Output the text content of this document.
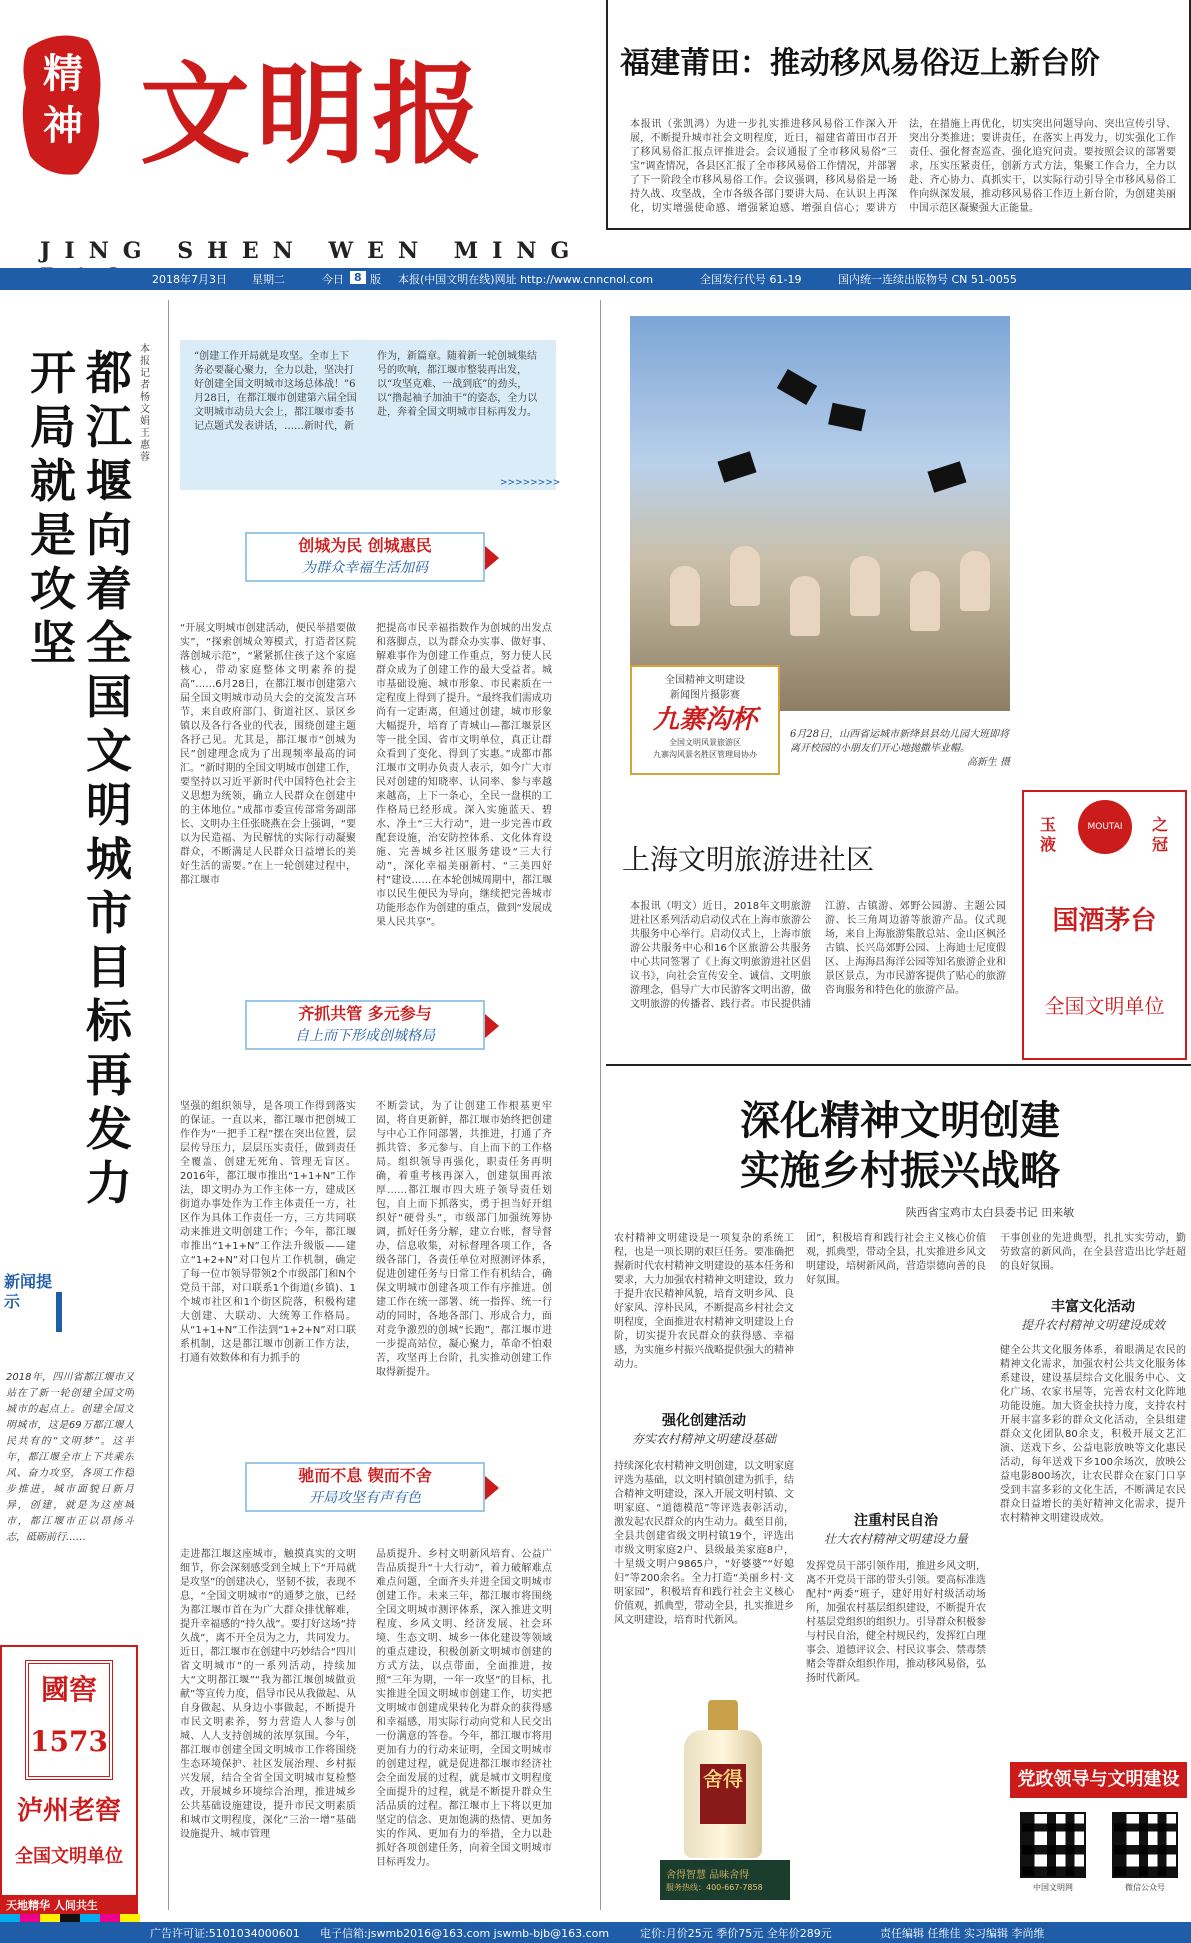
精神 文明报
JING SHEN WEN MING
福建莆田：推动移风易俗迈上新台阶
本报讯（张凯鸿）为进一步扎实推进移风易俗工作深入开展，不断提升城市社会文明程度，近日，福建省莆田市召开了移风易俗汇报点评推进会。会议通报了全市移风易俗“三宝”调查情况，各县区汇报了全市移风易俗工作情况，并部署了下一阶段全市移风易俗工作。会议强调，移风易俗是一场持久战、攻坚战，全市各级各部门要讲大局、在认识上再深化，切实增强使命感、增强紧迫感、增强自信心；要讲方法，在措施上再优化，切实突出问题导向、突出宣传引导、突出分类推进；要讲责任，在落实上再发力，切实强化工作责任、强化督查巡查、强化追究问责。要按照会议的部署要求，压实压紧责任，创新方式方法，集聚工作合力，全力以赴、齐心协力、真抓实干，以实际行动引导全市移风易俗工作向纵深发展，推动移风易俗工作迈上新台阶，为创建美丽中国示范区凝聚强大正能量。
2018年7月3日 星期二	今日 8 版 本报(中国文明在线)网址 http://www.cnncnol.com	全国发行代号 61-19	国内统一连续出版物号 CN 51-0055
都江堰向着全国文明城市目标再发力
开局就是攻坚
本报记者 杨文娟 王惠蓉
“创建工作开局就是攻坚。全市上下务必要凝心聚力，全力以赴，坚决打好创建全国文明城市这场总体战！”6月28日，在都江堰市创建第六届全国文明城市动员大会上，都江堰市委书记点题式发表讲话，……新时代，新作为，新篇章。随着新一轮创城集结号的吹响，都江堰市整装再出发，以“攻坚克难、一战到底”的劲头，以“撸起袖子加油干”的姿态，全力以赴，奔着全国文明城市目标再发力。
>>>>>>>>
创城为民 创城惠民
为群众幸福生活加码
“开展文明城市创建活动，便民举措要做实”，“探索创城众筹模式，打造者区院落创城示范”，“紧紧抓住孩子这个家庭核心，带动家庭整体文明素养的提高”……6月28日，在都江堰市创建第六届全国文明城市动员大会的交流发言环节，来自政府部门、街道社区、景区乡镇以及各行各业的代表，围绕创建主题各抒己见。尤其是，都江堰市“创城为民”创建理念成为了出现频率最高的词汇。“新时期的全国文明城市创建工作，要坚持以习近平新时代中国特色社会主义思想为统领，确立人民群众在创建中的主体地位。”成都市委宣传部常务副部长、文明办主任张晓燕在会上强调，“要以为民造福、为民解忧的实际行动凝聚群众，不断满足人民群众日益增长的美好生活的需要。”在上一轮创建过程中，都江堰市
把提高市民幸福指数作为创城的出发点和落脚点，以为群众办实事、做好事、解难事作为创建工作重点，努力使人民群众成为了创建工作的最大受益者。城市基础设施、城市形象、市民素质在一定程度上得到了提升。“最终我们需成功尚有一定距离，但通过创建，城市形象大幅提升，培育了青城山—都江堰景区等一批全国、省市文明单位，真正让群众看到了变化、得到了实惠。”成都市都江堰市文明办负责人表示，如今广大市民对创建的知晓率、认同率、参与率越来越高，上下一条心，全民一盘棋的工作格局已经形成。深入实施蓝天、碧水、净土“三大行动”，进一步完善市政配套设施，治安防控体系、文化体育设施、完善城乡社区服务建设“三大行动”，深化幸福美丽新村、“三美四好村”建设……在本轮创城周期中，都江堰市以民生便民为导向，继续把完善城市功能形态作为创建的重点，做到“发展成果人民共享”。
齐抓共管 多元参与
自上而下形成创城格局
坚强的组织领导，是各项工作得到落实的保证。一直以来，都江堰市把创城工作作为“一把手工程”摆在突出位置，层层传导压力，层层压实责任，做到责任全覆盖、创建无死角、管理无盲区。2016年，都江堰市推出“1+1+N”工作法，即文明办为工作主体一方，建成区街道办事处作为工作主体责任一方，社区作为具体工作责任一方，三方共同联动来推进文明创建工作；今年，都江堰市推出“1+1+N”工作法升级版——建立“1+2+N”对口包片工作机制，确定了每一位市领导带领2个市级部门和N个党员干部，对口联系1个街道(乡镇)、1个城市社区和1个街区院落，积极构建大创建、大联动、大统筹工作格局。从“1+1+N”工作法到“1+2+N”对口联系机制，这是都江堰市创新工作方法，打通有效数体和有力抓手的
不断尝试，为了让创建工作根基更牢固，将自更新鲜，都江堰市始终把创建与中心工作同部署，共推进，打通了齐抓共管、多元参与、自上而下的工作格局。组织领导再强化，职责任务再明确，着重考核再深入，创建氛围再浓厚……都江堰市四大班子领导责任划包，自上而下抓落实，勇于担当好开组织好“硬骨头”，市级部门加强统筹协调，抓好任务分解，建立台账，督导督办，信息收集，对标督理各项工作，各级各部门，各责任单位对照测评体系，促进创建任务与日常工作有机结合，确保文明城市创建各项工作有序推进。创建工作在统一部署、统一指挥、统一行动的同时，各地各部门、形成合力，面对竞争激烈的创城“长跑”，都江堰市进一步提高站位，凝心聚力，革命不怕艰苦，攻坚再上台阶，扎实推动创建工作取得新提升。
驰而不息 锲而不舍
开局攻坚有声有色
走进都江堰这座城市，触摸真实的文明细节，你会深刻感受到全城上下“开局就是攻坚”的创建决心，坚韧不拔，表现不息，“全国文明城市”的通梦之旅，已经为都江堰市首在为广大群众排忧解难，提升幸福感的“持久战”。要打好这场“持久战”，离不开全员为之力，共同发力。近日，都江堰市在创建中巧妙结合“四川省文明城市”的一系列活动，持续加大“文明都江堰”“我为都江堰创城做贡献”等宣传力度，倡导市民从我做起、从自身做起、从身边小事做起，不断提升市民文明素养，努力营造人人参与创城、人人支持创城的浓厚氛围。今年，都江堰市创建全国文明城市工作将围绕生态环境保护、社区发展治理、乡村振兴发展，结合全省全国文明城市复检整改，开展城乡环境综合治理，推进城乡公共基础设施建设，提升市民文明素质和城市文明程度，深化“三治一增”基础设施提升、城市管理
品质提升、乡村文明新风培育、公益广告品质提升“十大行动”，着力破解难点难点问题，全面齐头并进全国文明城市创建工作。未来三年，都江堰市将围绕全国文明城市测评体系，深入推进文明程度、乡风文明、经济发展、社会环境、生态文明、城乡一体化建设等领域的重点建设，积极创新文明城市创建的方式方法，以点带面，全面推进，按照“三年为期，一年一攻坚”的目标，扎实推进全国文明城市创建工作，切实把文明城市创建成果转化为群众的获得感和幸福感，用实际行动向党和人民交出一份满意的答卷。今年，都江堰市将用更加有力的行动来证明，全国文明城市的创建过程，就是促进都江堰市经济社会全面发展的过程，就是城市文明程度全面提升的过程，就是不断提升群众生活品质的过程。都江堰市上下将以更加坚定的信念、更加饱满的热情、更加务实的作风、更加有力的举措，全力以赴抓好各项创建任务，向着全国文明城市目标再发力。
新闻提示
2018年，四川省都江堰市又站在了新一轮创建全国文明城市的起点上。创建全国文明城市，这是69万都江堰人民共有的“文明梦”。这半年，都江堰全市上下共乘东风、奋力攻坚，各项工作稳步推进，城市面貌日新月异，创建，就是为这座城市，都江堰市正以昂扬斗志，砥砺前行……
國窖1573
泸州老窖
全国文明单位
天地精华 人间共生
全国精神文明建设
新闻图片摄影赛
九寨沟杯
全国文明风景旅游区
九寨沟风景名胜区管理局协办
6月28日，山西省运城市新绛县县幼儿园大班即将离开校园的小朋友们开心地抛撒毕业帽。
高新生 摄
玉液
之冠
MOUTAI
国酒茅台
全国文明单位
上海文明旅游进社区
本报讯（明文）近日，2018年文明旅游进社区系列活动启动仪式在上海市旅游公共服务中心举行。启动仪式上，上海市旅游公共服务中心和16个区旅游公共服务中心共同签署了《上海文明旅游进社区倡议书》，向社会宣传安全、诚信、文明旅游理念，倡导广大市民游客文明出游，做文明旅游的传播者、践行者。市民提供浦江游、古镇游、郊野公园游、主题公园游、长三角周边游等旅游产品。仪式现场，来自上海旅游集散总站、金山区枫泾古镇、长兴岛郊野公园、上海迪士尼度假区、上海海昌海洋公园等知名旅游企业和景区景点，为市民游客提供了贴心的旅游咨询服务和特色化的旅游产品。
深化精神文明创建
实施乡村振兴战略
陕西省宝鸡市太白县委书记 田来敏
农村精神文明建设是一项复杂的系统工程，也是一项长期的艰巨任务。要准确把握新时代农村精神文明建设的基本任务和要求，大力加强农村精神文明建设，致力于提升农民精神风貌，培育文明乡风、良好家风、淳朴民风，不断提高乡村社会文明程度，全面推进农村精神文明建设上台阶，切实提升农民群众的获得感、幸福感，为实施乡村振兴战略提供强大的精神动力。
强化创建活动
夯实农村精神文明建设基础
持续深化农村精神文明创建，以文明家庭评选为基础，以文明村镇创建为抓手，结合精神文明建设，深入开展文明村镇、文明家庭、“道德模范”等评选表彰活动，激发起农民群众的内生动力。截至目前，全县共创建省级文明村镇19个，评选出市级文明家庭2户、县级最美家庭8户，十星级文明户9865户，“好婆婆”“好媳妇”等200余名。全力打造“美丽乡村·文明家园”，积极培育和践行社会主义核心价值观，抓典型，带动全县，扎实推进乡风文明建设，培育时代新风。
团”，积极培育和践行社会主义核心价值观，抓典型，带动全县，扎实推进乡风文明建设，培树新风尚，营造崇德向善的良好氛围。
注重村民自治
壮大农村精神文明建设力量
发挥党员干部引领作用，推进乡风文明，离不开党员干部的带头引领。要高标准选配村“两委”班子，建好用好村级活动场所，加强农村基层组织建设，不断提升农村基层党组织的组织力。引导群众积极参与村民自治，健全村规民约，发挥红白理事会、道德评议会、村民议事会、禁毒禁赌会等群众组织作用，推动移风易俗，弘扬时代新风。
干事创业的先进典型，扎扎实实劳动，勤劳致富的新风尚，在全县营造出比学赶超的良好氛围。
丰富文化活动
提升农村精神文明建设成效
健全公共文化服务体系，着眼满足农民的精神文化需求，加强农村公共文化服务体系建设，建设基层综合文化服务中心、文化广场、农家书屋等，完善农村文化阵地功能设施。加大资金扶持力度，支持农村开展丰富多彩的群众文化活动，全县组建群众文化团队80余支，积极开展文艺汇演、送戏下乡、公益电影放映等文化惠民活动，每年送戏下乡100余场次，放映公益电影800场次，让农民群众在家门口享受到丰富多彩的文化生活，不断满足农民群众日益增长的美好精神文化需求，提升农村精神文明建设成效。
舍得
舍得智慧 品味舍得
服务热线：400-667-7858
党政领导与文明建设
中国文明网	微信公众号
广告许可证:5101034000601 电子信箱:jswmb2016@163.com jswmb-bjb@163.com	定价:月价25元 季价75元 全年价289元	责任编辑 任维佳 实习编辑 李尚维
